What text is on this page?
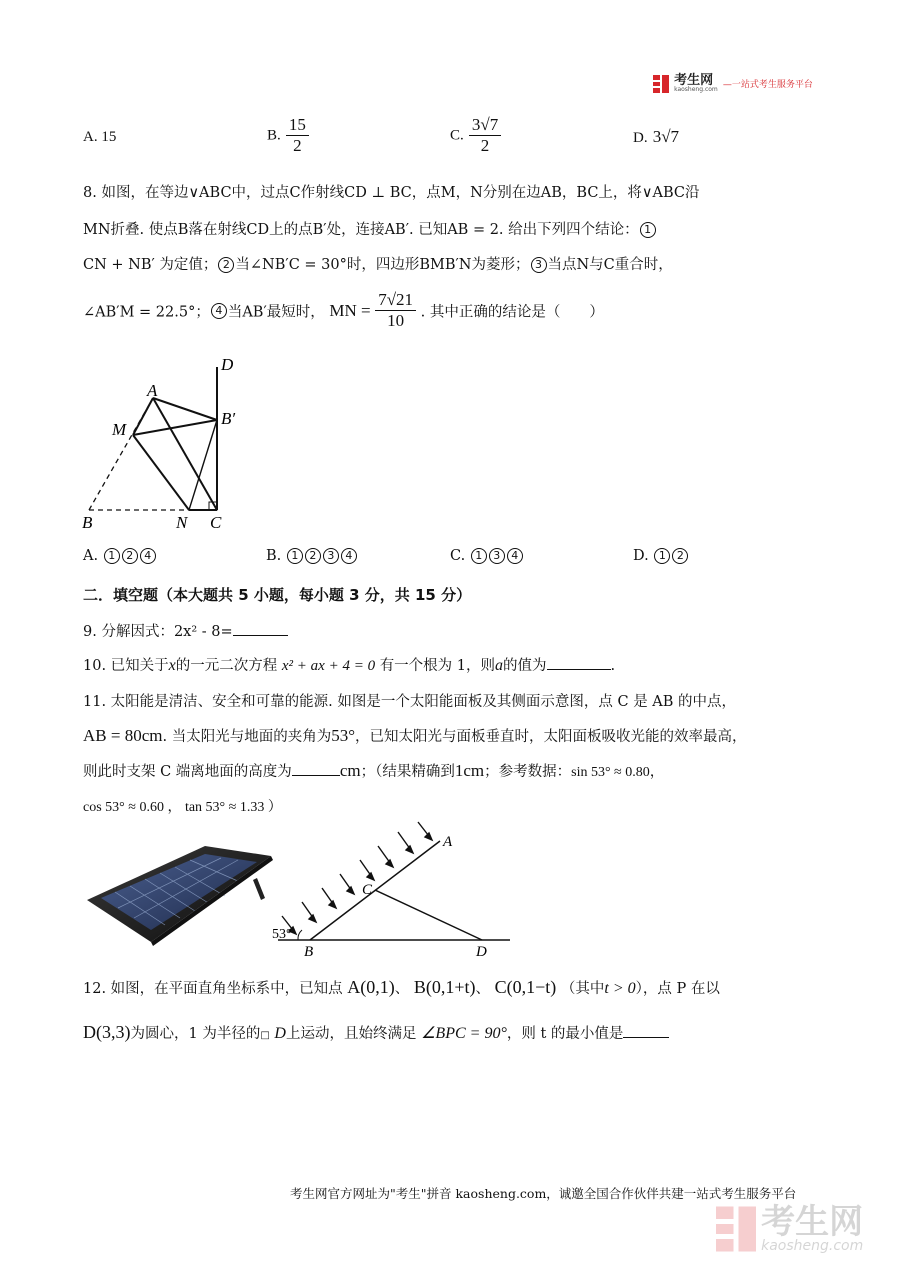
考生网
kaosheng.com —一站式考生服务平台
A. 15	B. $\frac{15}{2}$	C. $\frac{3√7}{2}$	D. 3√7
8. 如图，在等边∨ABC中，过点C作射线CD ⊥ BC，点M，N分别在边AB，BC上，将∨ABC沿
MN折叠. 使点B落在射线CD上的点B′处，连接AB′. 已知AB = 2. 给出下列四个结论： 1
CN + NB′ 为定值； 2 当∠NB′C = 30°时，四边形BMB′N为菱形； 3 当点N与C重合时，
∠AB′M = 22.5°； 4 当AB′最短时， MN = $\frac{7√21}{10}$ . 其中正确的结论是（　　）
D
A
B′
M
B	N C
A. 1 2 4	B. 1 2 3 4	C. 1 3 4	D. 1 2
二．填空题（本大题共 5 小题，每小题 3 分，共 15 分）
9. 分解因式：2x² - 8=
10. 已知关于x的一元二次方程 x² + ax + 4 = 0 有一个根为 1，则a的值为	.
11. 太阳能是清洁、安全和可靠的能源. 如图是一个太阳能面板及其侧面示意图，点 C 是 AB 的中点，
AB = 80cm. 当太阳光与地面的夹角为53°，已知太阳光与面板垂直时，太阳面板吸收光能的效率最高，
则此时支架 C 端离地面的高度为	cm；（结果精确到1cm；参考数据：sin 53° ≈ 0.80，
cos 53° ≈ 0.60 ， tan 53° ≈ 1.33 ）
A
C
B	D
53°
12. 如图，在平面直角坐标系中，已知点 A(0,1)、 B(0,1+t)、 C(0,1−t) （其中t > 0），点 P 在以
D(3,3)为圆心，1 为半径的□ D上运动，且始终满足 ∠BPC = 90°，则 t 的最小值是
考生网官方网址为"考生"拼音 kaosheng.com，诚邀全国合作伙伴共建一站式考生服务平台

考生网
kaosheng.com
